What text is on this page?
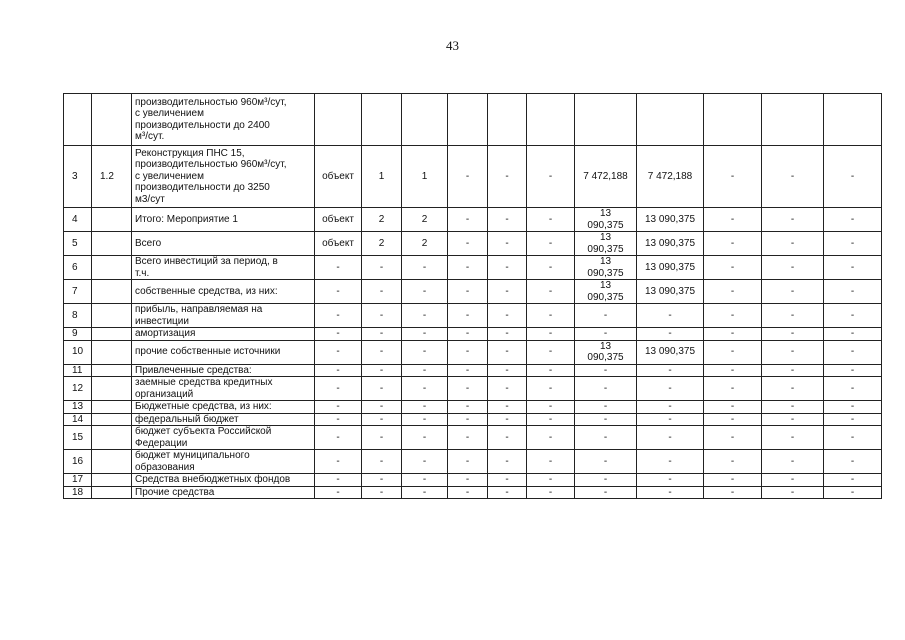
43
		производительностью 960м³/сут,
с увеличением
производительности до 2400
м³/сут.											
3	1.2	Реконструкция ПНС 15,
производительностью 960м³/сут,
с увеличением
производительности до 3250
м3/сут	объект	1	1	-	-	-	7 472,188	7 472,188	-	-	-
4		Итого: Мероприятие 1	объект	2	2	-	-	-	13
090,375	13 090,375	-	-	-
5		Всего	объект	2	2	-	-	-	13
090,375	13 090,375	-	-	-
6		Всего инвестиций за период, в
т.ч.	-	-	-	-	-	-	13
090,375	13 090,375	-	-	-
7		собственные средства, из них:	-	-	-	-	-	-	13
090,375	13 090,375	-	-	-
8		прибыль, направляемая на
инвестиции	-	-	-	-	-	-	-	-	-	-	-
9		амортизация	-	-	-	-	-	-	-	-	-	-	-
10		прочие собственные источники	-	-	-	-	-	-	13
090,375	13 090,375	-	-	-
11		Привлеченные средства:	-	-	-	-	-	-	-	-	-	-	-
12		заемные средства кредитных
организаций	-	-	-	-	-	-	-	-	-	-	-
13		Бюджетные средства, из них:	-	-	-	-	-	-	-	-	-	-	-
14		федеральный бюджет	-	-	-	-	-	-	-	-	-	-	-
15		бюджет субъекта Российской
Федерации	-	-	-	-	-	-	-	-	-	-	-
16		бюджет муниципального
образования	-	-	-	-	-	-	-	-	-	-	-
17		Средства внебюджетных фондов	-	-	-	-	-	-	-	-	-	-	-
18		Прочие средства	-	-	-	-	-	-	-	-	-	-	-
